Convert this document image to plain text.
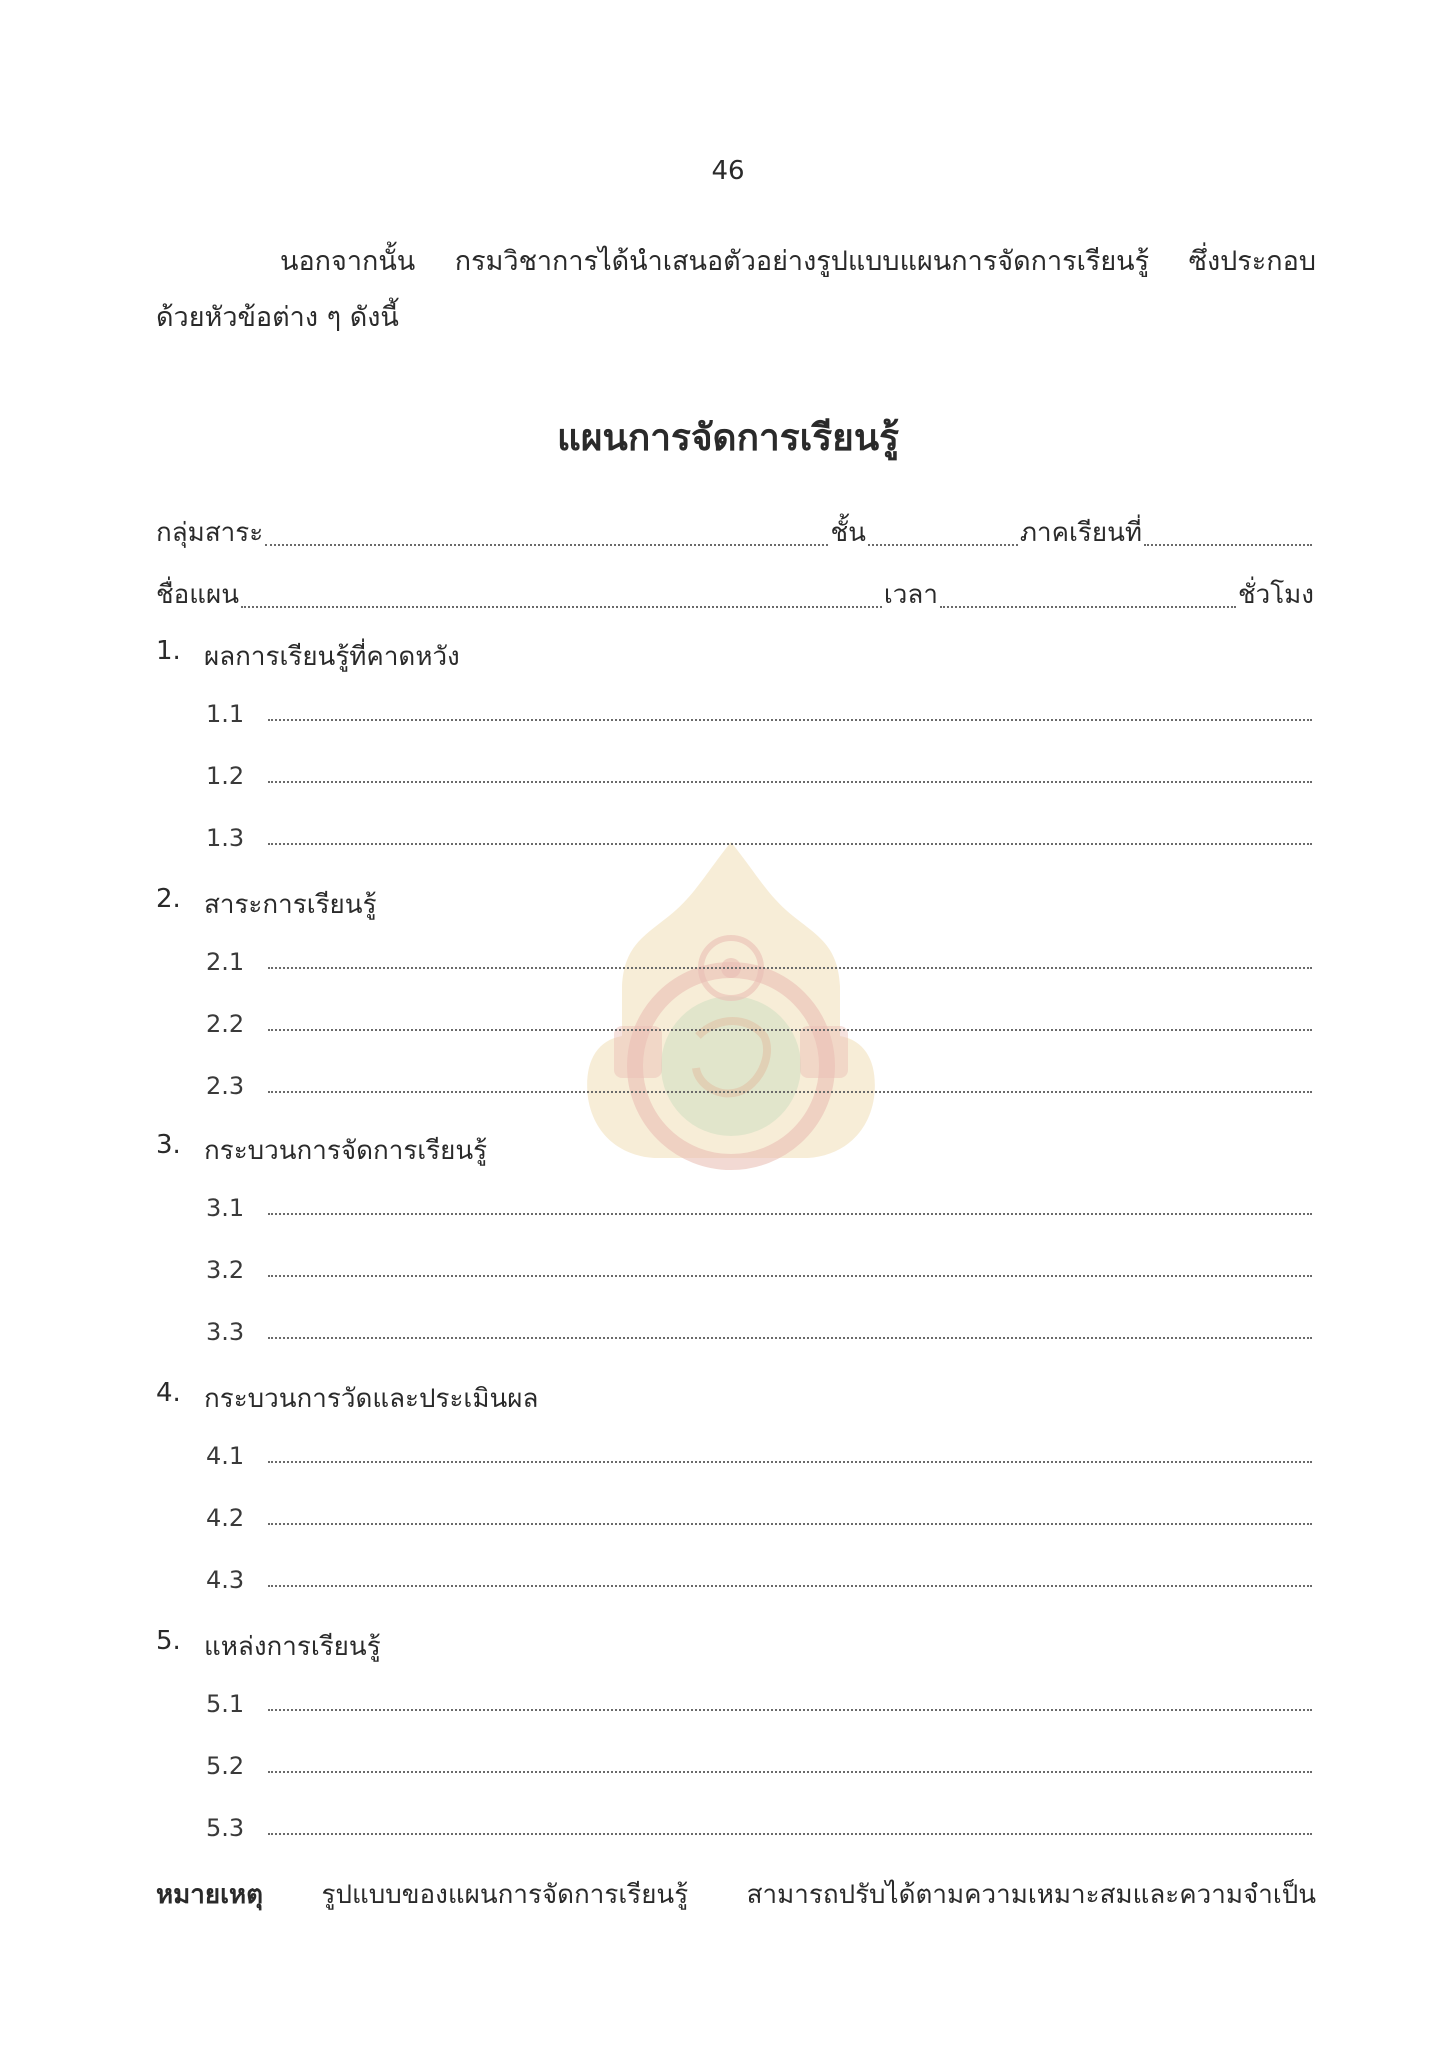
46
นอกจากนั้น กรมวิชาการได้นำเสนอตัวอย่างรูปแบบแผนการจัดการเรียนรู้ ซึ่งประกอบ
ด้วยหัวข้อต่าง ๆ ดังนี้
แผนการจัดการเรียนรู้
กลุ่มสาระ	ชั้น	ภาคเรียนที่
ชื่อแผน	เวลา	ชั่วโมง
1. ผลการเรียนรู้ที่คาดหวัง
1.1
1.2
1.3
2. สาระการเรียนรู้
2.1
2.2
2.3
3. กระบวนการจัดการเรียนรู้
3.1
3.2
3.3
4. กระบวนการวัดและประเมินผล
4.1
4.2
4.3
5. แหล่งการเรียนรู้
5.1
5.2
5.3
หมายเหตุ รูปแบบของแผนการจัดการเรียนรู้ สามารถปรับได้ตามความเหมาะสมและความจำเป็น
